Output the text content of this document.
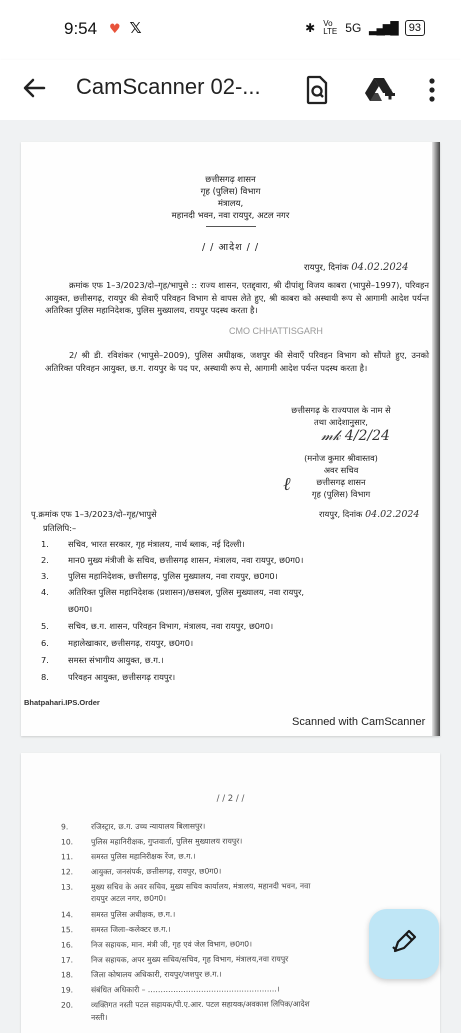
9:54 ♥ 𝕏	✱ Vo
LTE 5G ▂▄▆█	93
CamScanner 02-...
छत्तीसगढ़ शासन
गृह (पुलिस) विभाग
मंत्रालय,
महानदी भवन, नवा रायपुर, अटल नगर
/ / आदेश / /
रायपुर, दिनांक 04.02.2024
क्रमांक एफ 1–3/2023/दो–गृह/भापुसे :: राज्य शासन, एतद्द्वारा, श्री दीपांशु विजय काबरा (भापुसे–1997), परिवहन आयुक्त, छत्तीसगढ़, रायपुर की सेवाएँ परिवहन विभाग से वापस लेते हुए, श्री काबरा को अस्थायी रूप से आगामी आदेश पर्यन्त अतिरिक्त पुलिस महानिदेशक, पुलिस मुख्यालय, रायपुर पदस्थ करता है।
CMO CHHATTISGARH
2/ श्री डी. रविशंकर (भापुसे–2009), पुलिस अधीक्षक, जशपुर की सेवाएँ परिवहन विभाग को सौंपते हुए, उनको अतिरिक्त परिवहन आयुक्त, छ.ग. रायपुर के पद पर, अस्थायी रूप से, आगामी आदेश पर्यन्त पदस्थ करता है।
छत्तीसगढ़ के राज्यपाल के नाम से
तथा आदेशानुसार,
𝓂𝓀 4/2/24
(मनोज कुमार श्रीवास्तव)
अवर सचिव
छत्तीसगढ़ शासन
गृह (पुलिस) विभाग
ℓ
पृ.क्रमांक एफ 1–3/2023/दो–गृह/भापुसे	रायपुर, दिनांक 04.02.2024
प्रतिलिपि:–
1. सचिव, भारत सरकार, गृह मंत्रालय, नार्थ ब्लाक, नई दिल्ली।
2. मान0 मुख्य मंत्रीजी के सचिव, छत्तीसगढ़ शासन, मंत्रालय, नवा रायपुर, छ0ग0।
3. पुलिस महानिदेशक, छत्तीसगढ़, पुलिस मुख्यालय, नवा रायपुर, छ0ग0।
4. अतिरिक्त पुलिस महानिदेशक (प्रशासन)/छसबल, पुलिस मुख्यालय, नवा रायपुर,
छ0ग0।
5. सचिव, छ.ग. शासन, परिवहन विभाग, मंत्रालय, नवा रायपुर, छ0ग0।
6. महालेखाकार, छत्तीसगढ़, रायपुर, छ0ग0।
7. समस्त संभागीय आयुक्त, छ.ग.।
8. परिवहन आयुक्त, छत्तीसगढ़ रायपुर।
Bhatpahari.IPS.Order
Scanned with CamScanner
/ / 2 / /
9.	रजिस्ट्रार, छ.ग. उच्च न्यायालय बिलासपुर।
10. पुलिस महानिरीक्षक, गुप्तवार्ता, पुलिस मुख्यालय रायपुर।
11. समस्त पुलिस महानिरीक्षक रेंज, छ.ग.।
12. आयुक्त, जनसंपर्क, छत्तीसगढ़, रायपुर, छ0ग0।
13. मुख्य सचिव के अवर सचिव, मुख्य सचिव कार्यालय, मंत्रालय, महानदी भवन, नवा
रायपुर अटल नगर, छ0ग0।
14. समस्त पुलिस अधीक्षक, छ.ग.।
15. समस्त जिला–कलेक्टर छ.ग.।
16. निज सहायक, मान. मंत्री जी, गृह एवं जेल विभाग, छ0ग0।
17. निज सहायक, अपर मुख्य सचिव/सचिव, गृह विभाग, मंत्रालय,नवा रायपुर
18. जिला कोषालय अधिकारी, रायपुर/जशपुर छ.ग.।
19. संबंधित अधिकारी – ……………………………………………।
20. व्यक्तिगत नस्ती पटल सहायक/पी.ए.आर. पटल सहायक/अवकाश लिपिक/आदेश
नस्ती।
